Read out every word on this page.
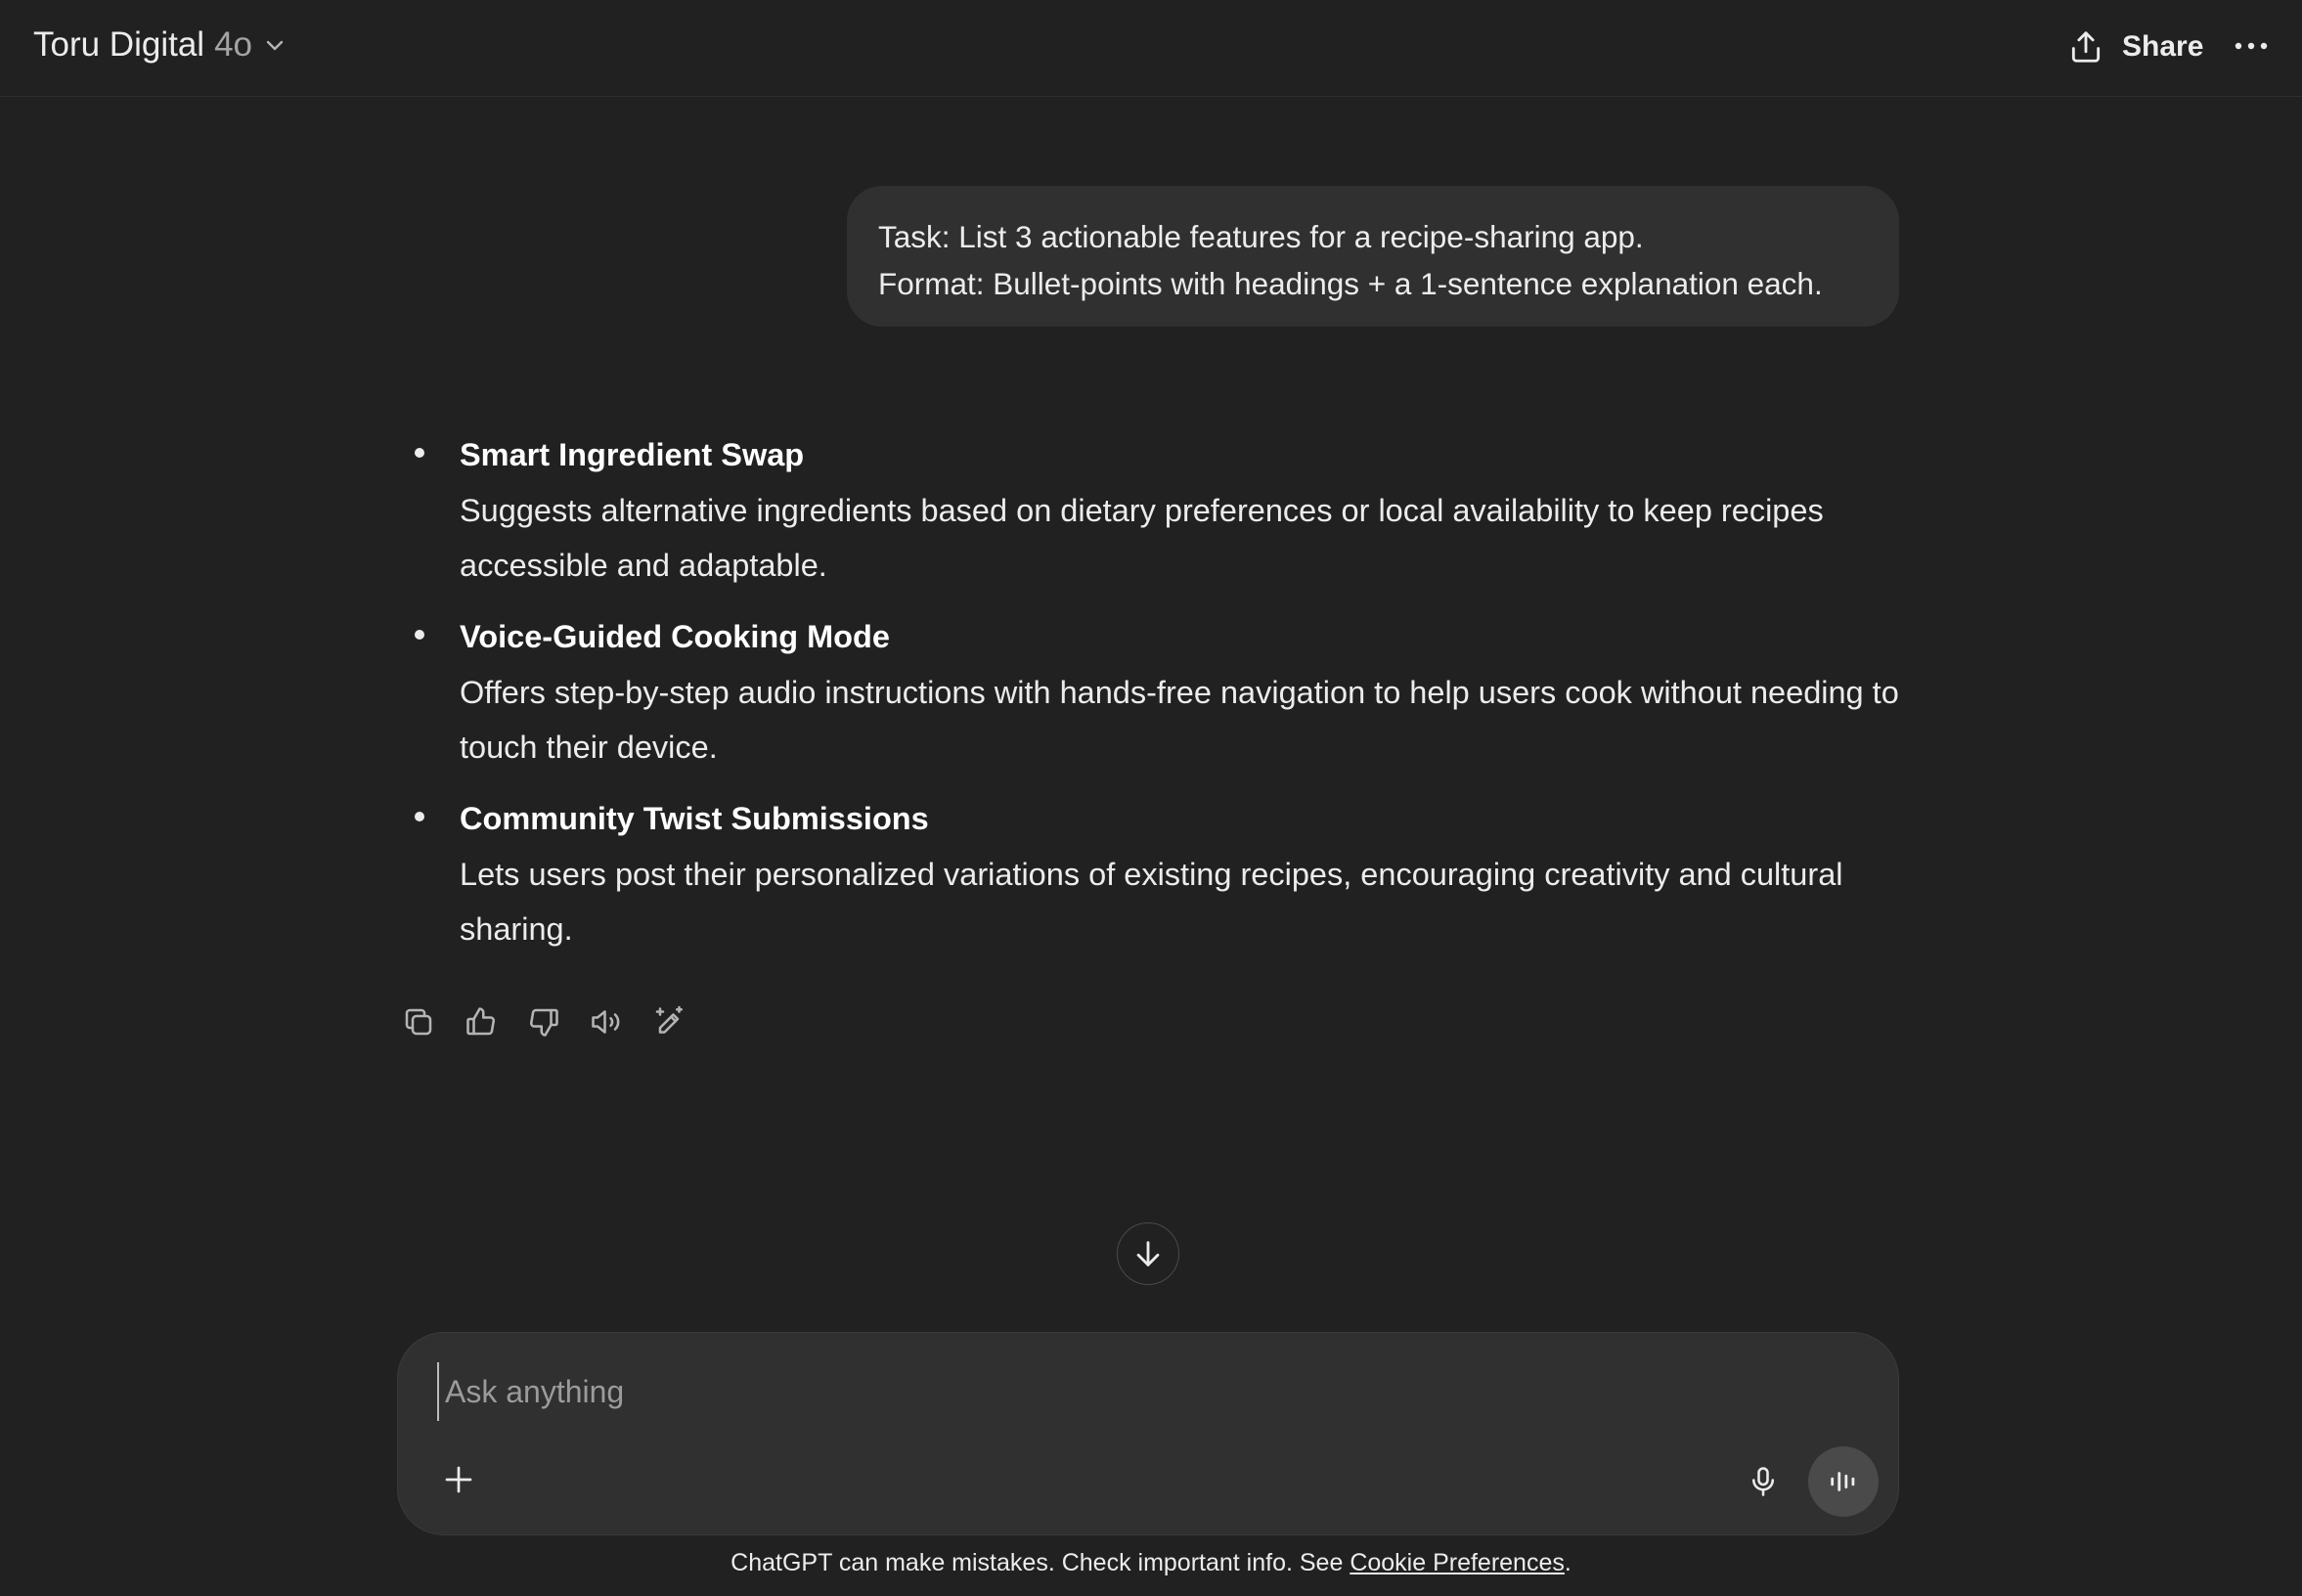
Toru Digital 4o	Share
Task: List 3 actionable features for a recipe-sharing app.
Format: Bullet-points with headings + a 1-sentence explanation each.
Smart Ingredient Swap
Suggests alternative ingredients based on dietary preferences or local availability to keep recipes accessible and adaptable.
Voice-Guided Cooking Mode
Offers step-by-step audio instructions with hands-free navigation to help users cook without needing to touch their device.
Community Twist Submissions
Lets users post their personalized variations of existing recipes, encouraging creativity and cultural sharing.
Ask anything
ChatGPT can make mistakes. Check important info. See Cookie Preferences.
